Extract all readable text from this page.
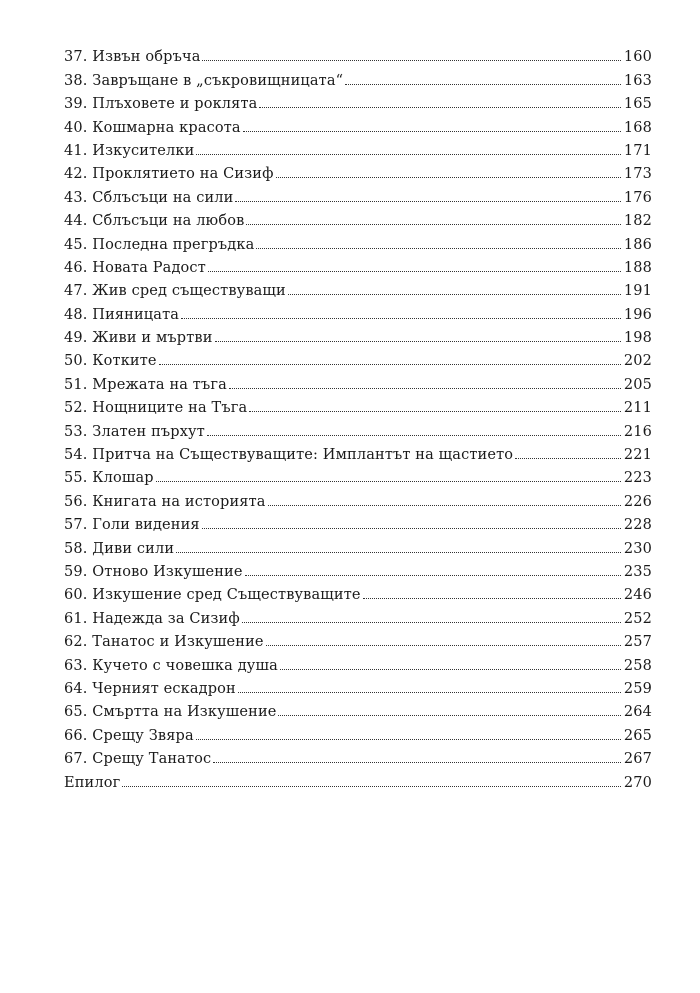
37. Извън обръча	160
38. Завръщане в „съкровищницата“	163
39. Плъховете и роклята	165
40. Кошмарна красота	168
41. Изкусителки	171
42. Проклятието на Сизиф	173
43. Сблъсъци на сили	176
44. Сблъсъци на любов	182
45. Последна прегръдка	186
46. Новата Радост	188
47. Жив сред съществуващи	191
48. Пияницата	196
49. Живи и мъртви	198
50. Котките	202
51. Мрежата на тъга	205
52. Нощниците на Тъга	211
53. Златен пърхут	216
54. Притча на Съществуващите: Имплантът на щастието	221
55. Клошар	223
56. Книгата на историята	226
57. Голи видения	228
58. Диви сили	230
59. Отново Изкушение	235
60. Изкушение сред Съществуващите	246
61. Надежда за Сизиф	252
62. Танатос и Изкушение	257
63. Кучето с човешка душа	258
64. Черният ескадрон	259
65. Смъртта на Изкушение	264
66. Срещу Звяра	265
67. Срещу Танатос	267
Епилог	270
